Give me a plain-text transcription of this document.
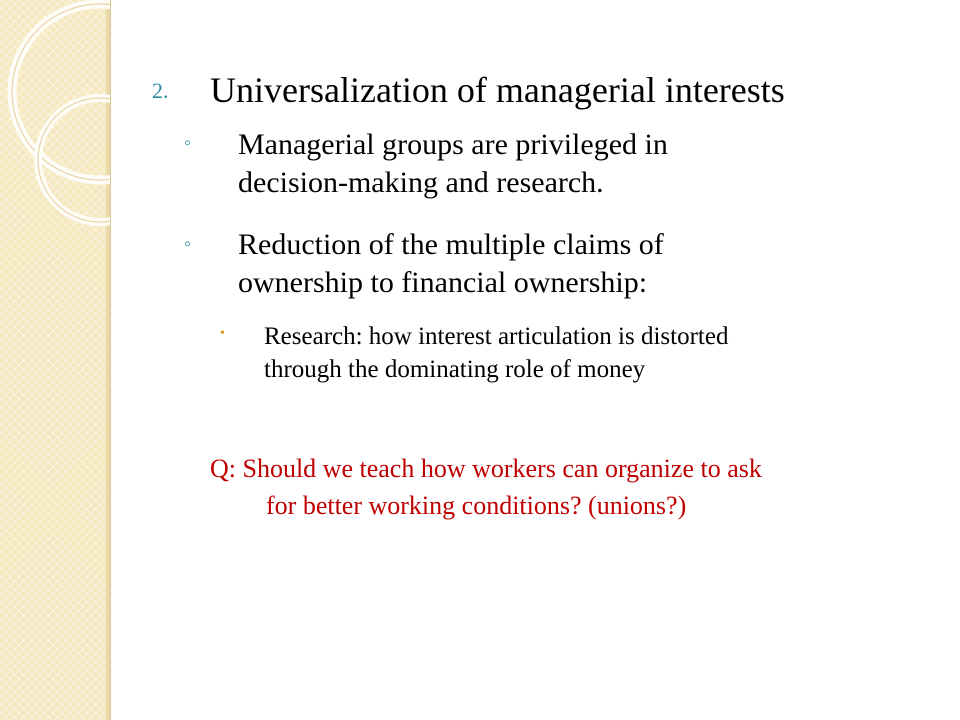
2. Universalization of managerial interests
◦ Managerial groups are privileged in
decision-making and research.
◦ Reduction of the multiple claims of
ownership to financial ownership:
• Research: how interest articulation is distorted
through the dominating role of money
Q: Should we teach how workers can organize to ask
for better working conditions? (unions?)
